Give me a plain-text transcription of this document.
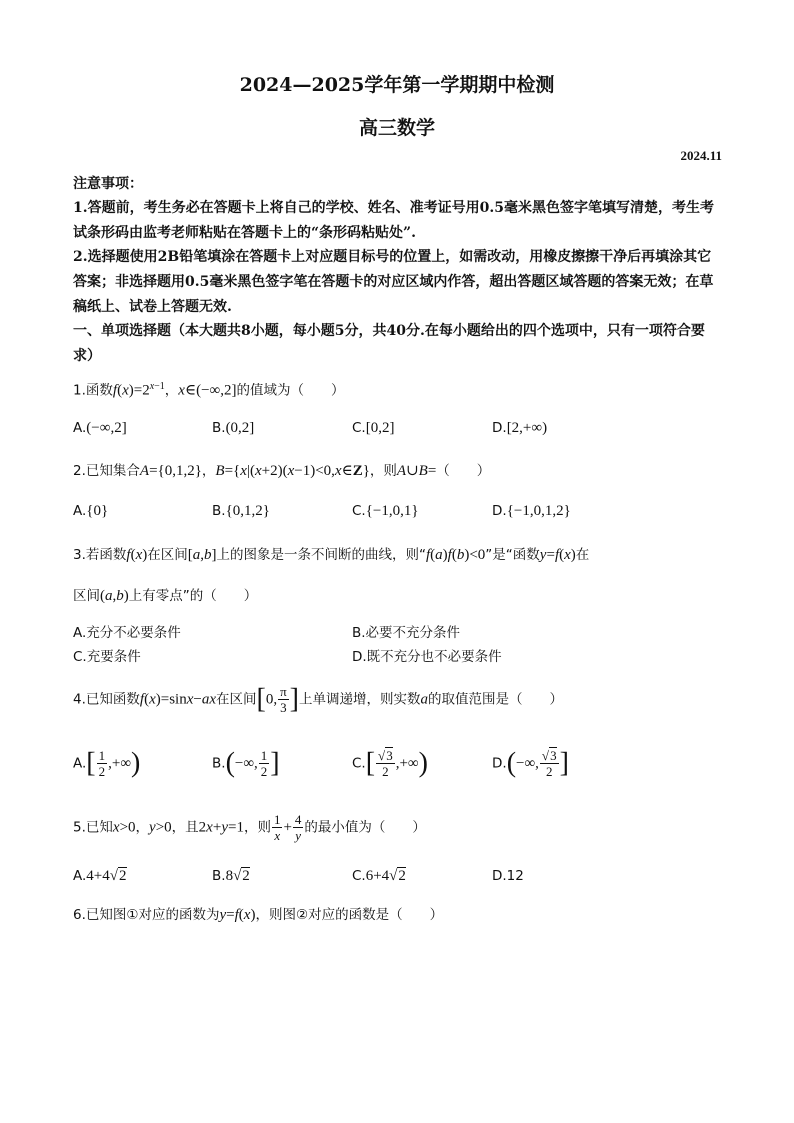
2024—2025学年第一学期期中检测
高三数学
2024.11
注意事项：
1.答题前，考生务必在答题卡上将自己的学校、姓名、准考证号用0.5毫米黑色签字笔填写清楚，考生考试条形码由监考老师粘贴在答题卡上的“条形码粘贴处”.
2.选择题使用2B铅笔填涂在答题卡上对应题目标号的位置上，如需改动，用橡皮擦擦干净后再填涂其它答案；非选择题用0.5毫米黑色签字笔在答题卡的对应区域内作答，超出答题区域答题的答案无效；在草稿纸上、试卷上答题无效.
一、单项选择题（本大题共8小题，每小题5分，共40分.在每小题给出的四个选项中，只有一项符合要求）
1.函数$f(x)=2^{x-1}$，x∈(−∞,2]的值域为（　　）
A.(−∞,2]	B.(0,2]	C.[0,2]	D.[2,+∞)
2.已知集合A={0,1,2}，B={x|(x+2)(x−1)<0,x∈Z}，则A∪B=（　　）
A.{0}	B.{0,1,2}	C.{−1,0,1}	D.{−1,0,1,2}
3.若函数f(x)在区间[a,b]上的图象是一条不间断的曲线，则“f(a)f(b)<0”是“函数y=f(x)在
区间(a,b)上有零点”的（　　）
A.充分不必要条件	B.必要不充分条件
C.充要条件	D.既不充分也不必要条件
4.已知函数f(x)=sinx−ax在区间[0, $\frac{\pi}{3}$ ]上单调递增，则实数a的取值范围是（　　）
$A.[ \frac{1}{2}$ ,+∞)	B.(−∞, $\frac{1}{2}$ ]	$C.[ \frac{√3}{2}$ ,+∞)	D.(−∞, $\frac{√3}{2}$ ]
5.已知x>0，y>0，且2x+y=1，则 $\frac{1}{x} + \frac{4}{y}$ 的最小值为（　　）
A.4+4√2	B.8√2	C.6+4√2	D.12
6.已知图①对应的函数为y=f(x)，则图②对应的函数是（　　）
